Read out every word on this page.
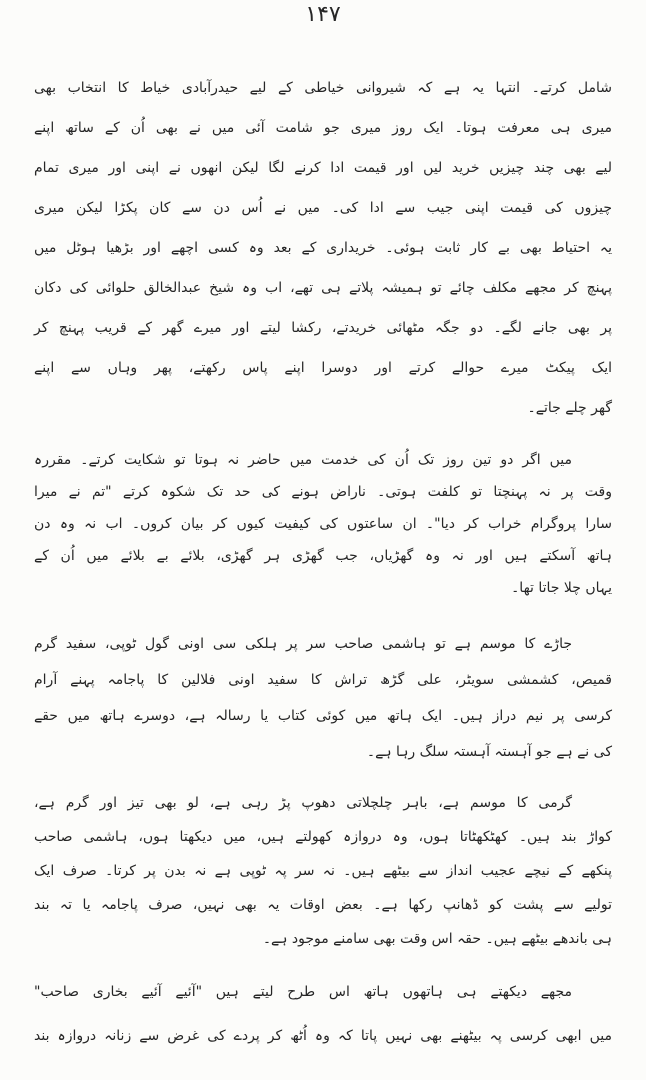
۱۴۷
شامل کرتے۔ انتہا یہ ہے کہ شیروانی خیاطی کے لیے حیدرآبادی خیاط کا انتخاب بھی
میری ہی معرفت ہوتا۔ ایک روز میری جو شامت آئی میں نے بھی اُن کے ساتھ اپنے
لیے بھی چند چیزیں خرید لیں اور قیمت ادا کرنے لگا لیکن انھوں نے اپنی اور میری تمام
چیزوں کی قیمت اپنی جیب سے ادا کی۔ میں نے اُس دن سے کان پکڑا لیکن میری
یہ احتیاط بھی بے کار ثابت ہوئی۔ خریداری کے بعد وہ کسی اچھے اور بڑھیا ہوٹل میں
پہنچ کر مجھے مکلف چائے تو ہمیشہ پلاتے ہی تھے، اب وہ شیخ عبدالخالق حلوائی کی دکان
پر بھی جانے لگے۔ دو جگہ مٹھائی خریدتے، رکشا لیتے اور میرے گھر کے قریب پہنچ کر
ایک پیکٹ میرے حوالے کرتے اور دوسرا اپنے پاس رکھتے، پھر وہاں سے اپنے
گھر چلے جاتے۔
میں اگر دو تین روز تک اُن کی خدمت میں حاضر نہ ہوتا تو شکایت کرتے۔ مقررہ
وقت پر نہ پہنچتا تو کلفت ہوتی۔ ناراض ہونے کی حد تک شکوہ کرتے "تم نے میرا
سارا پروگرام خراب کر دیا"۔ ان ساعتوں کی کیفیت کیوں کر بیان کروں۔ اب نہ وہ دن
ہاتھ آسکتے ہیں اور نہ وہ گھڑیاں، جب گھڑی ہر گھڑی، بلائے بے بلائے میں اُن کے
یہاں چلا جاتا تھا۔
جاڑے کا موسم ہے تو ہاشمی صاحب سر پر ہلکی سی اونی گول ٹوپی، سفید گرم
قمیص، کشمشی سویٹر، علی گڑھ تراش کا سفید اونی فلالین کا پاجامہ پہنے آرام
کرسی پر نیم دراز ہیں۔ ایک ہاتھ میں کوئی کتاب یا رسالہ ہے، دوسرے ہاتھ میں حقے
کی نے ہے جو آہستہ آہستہ سلگ رہا ہے۔
گرمی کا موسم ہے، باہر چلچلاتی دھوپ پڑ رہی ہے، لو بھی تیز اور گرم ہے،
کواڑ بند ہیں۔ کھٹکھٹاتا ہوں، وہ دروازہ کھولتے ہیں، میں دیکھتا ہوں، ہاشمی صاحب
پنکھے کے نیچے عجیب انداز سے بیٹھے ہیں۔ نہ سر پہ ٹوپی ہے نہ بدن پر کرتا۔ صرف ایک
تولیے سے پشت کو ڈھانپ رکھا ہے۔ بعض اوقات یہ بھی نہیں، صرف پاجامہ یا تہ بند
ہی باندھے بیٹھے ہیں۔ حقہ اس وقت بھی سامنے موجود ہے۔
مجھے دیکھتے ہی ہاتھوں ہاتھ اس طرح لیتے ہیں "آئیے آئیے بخاری صاحب"
میں ابھی کرسی پہ بیٹھنے بھی نہیں پاتا کہ وہ اُٹھ کر پردے کی غرض سے زنانہ دروازہ بند
